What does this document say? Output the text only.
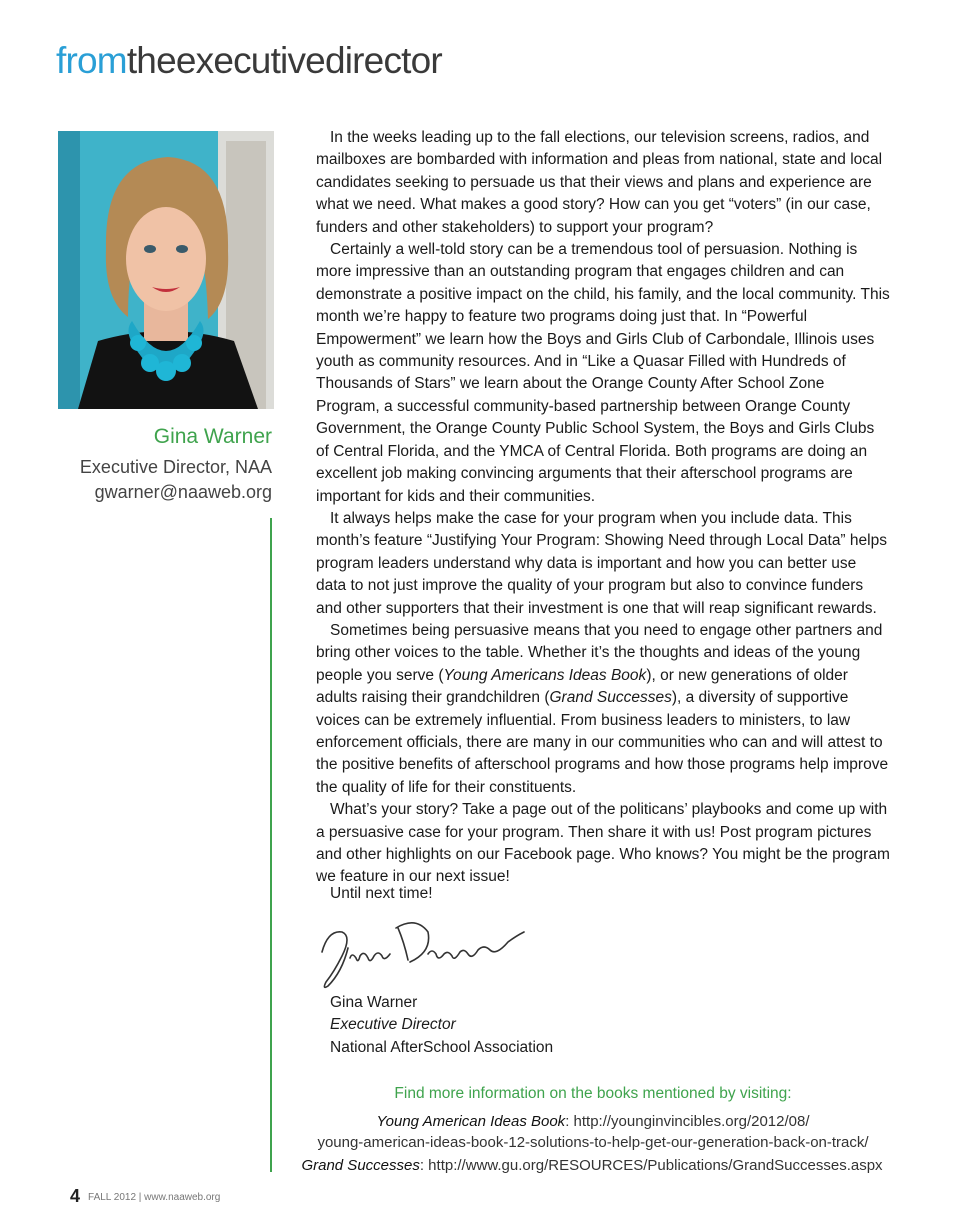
fromtheexecutivedirector
Gina Warner
Executive Director, NAA
gwarner@naaweb.org

In the weeks leading up to the fall elections, our television screens, radios, and mailboxes are bombarded with information and pleas from national, state and local candidates seeking to persuade us that their views and plans and experience are what we need. What makes a good story? How can you get “voters” (in our case, funders and other stakeholders) to support your program?

Certainly a well-told story can be a tremendous tool of persuasion. Nothing is more impressive than an outstanding program that engages children and can demonstrate a positive impact on the child, his family, and the local community. This month we’re happy to feature two programs doing just that. In “Powerful Empowerment” we learn how the Boys and Girls Club of Carbondale, Illinois uses youth as community resources. And in “Like a Quasar Filled with Hundreds of Thousands of Stars” we learn about the Orange County After School Zone Program, a successful community-based partnership between Orange County Government, the Orange County Public School System, the Boys and Girls Clubs of Central Florida, and the YMCA of Central Florida. Both programs are doing an excellent job making convincing arguments that their afterschool programs are important for kids and their communities.

It always helps make the case for your program when you include data. This month’s feature “Justifying Your Program: Showing Need through Local Data” helps program leaders understand why data is important and how you can better use data to not just improve the quality of your program but also to convince funders and other supporters that their investment is one that will reap significant rewards.

Sometimes being persuasive means that you need to engage other partners and bring other voices to the table. Whether it’s the thoughts and ideas of the young people you serve (Young Americans Ideas Book), or new generations of older adults raising their grandchildren (Grand Successes), a diversity of supportive voices can be extremely influential. From business leaders to ministers, to law enforcement officials, there are many in our communities who can and will attest to the positive benefits of afterschool programs and how those programs help improve the quality of life for their constituents.

What’s your story? Take a page out of the politicans’ playbooks and come up with a persuasive case for your program. Then share it with us! Post program pictures and other highlights on our Facebook page. Who knows? You might be the program we feature in our next issue!

Until next time!
Gina Warner
Executive Director
National AfterSchool Association
Find more information on the books mentioned by visiting:
Young American Ideas Book: http://younginvincibles.org/2012/08/
young-american-ideas-book-12-solutions-to-help-get-our-generation-back-on-track/
Grand Successes: http://www.gu.org/RESOURCES/Publications/GrandSuccesses.aspx
4 FALL 2012 | www.naaweb.org
